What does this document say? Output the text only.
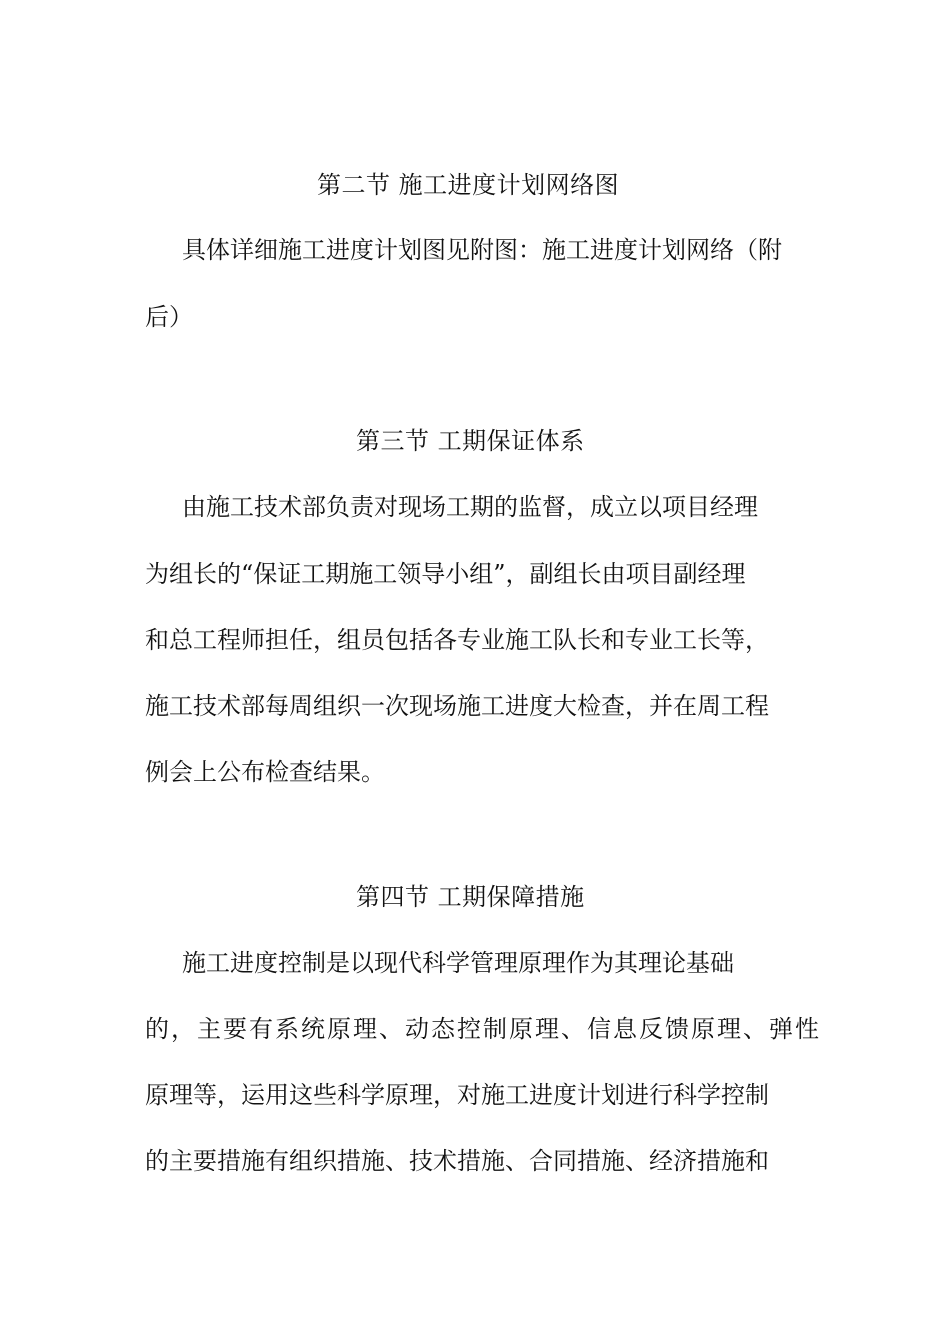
第二节 施工进度计划网络图
具体详细施工进度计划图见附图：施工进度计划网络（附
后）
第三节 工期保证体系
由施工技术部负责对现场工期的监督，成立以项目经理
为组长的“保证工期施工领导小组”，副组长由项目副经理
和总工程师担任，组员包括各专业施工队长和专业工长等，
施工技术部每周组织一次现场施工进度大检查，并在周工程
例会上公布检查结果。
第四节 工期保障措施
施工进度控制是以现代科学管理原理作为其理论基础
的，主要有系统原理、动态控制原理、信息反馈原理、弹性
原理等，运用这些科学原理，对施工进度计划进行科学控制
的主要措施有组织措施、技术措施、合同措施、经济措施和
